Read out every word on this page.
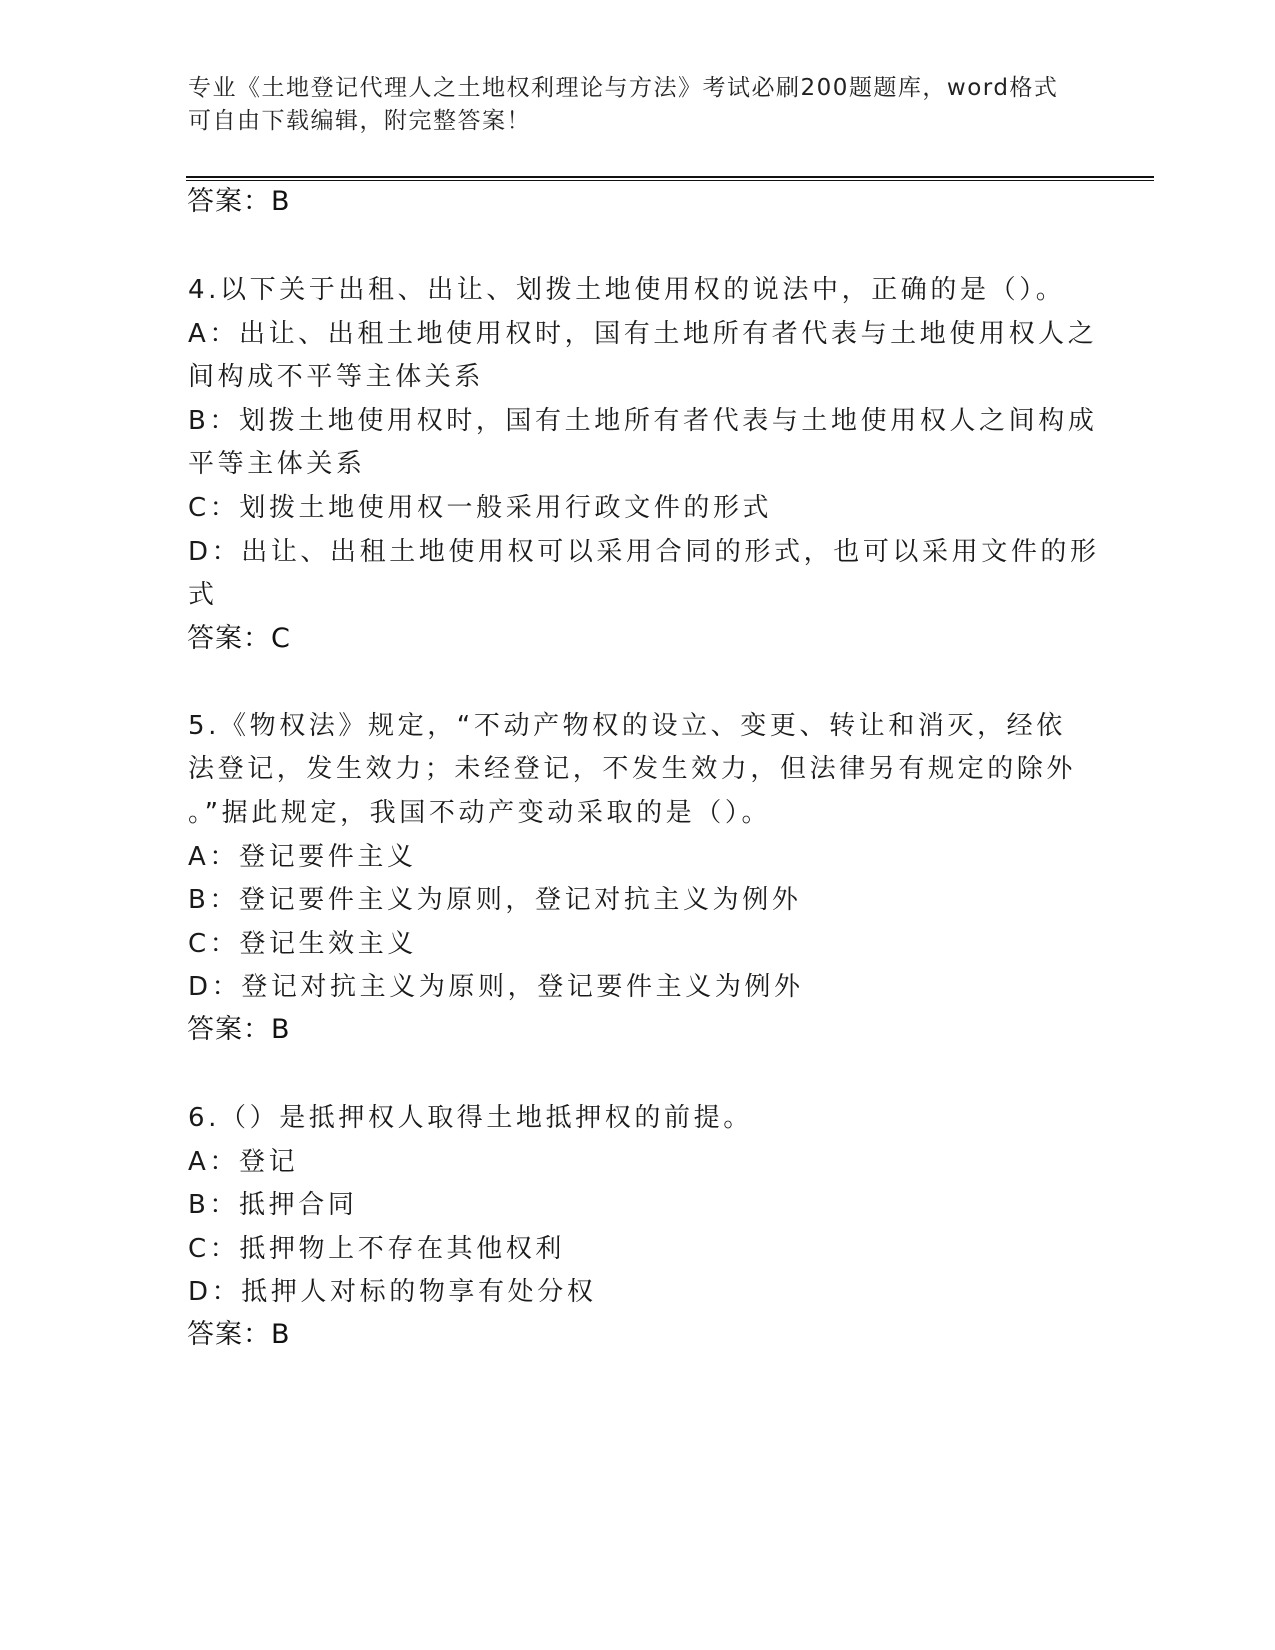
专业《土地登记代理人之土地权利理论与方法》考试必刷200题题库，word格式
可自由下载编辑，附完整答案！
答案：B
4.以下关于出租、出让、划拨土地使用权的说法中，正确的是（）。
A：出让、出租土地使用权时，国有土地所有者代表与土地使用权人之
间构成不平等主体关系
B：划拨土地使用权时，国有土地所有者代表与土地使用权人之间构成
平等主体关系
C：划拨土地使用权一般采用行政文件的形式
D：出让、出租土地使用权可以采用合同的形式，也可以采用文件的形
式
答案：C
5.《物权法》规定，“不动产物权的设立、变更、转让和消灭，经依
法登记，发生效力；未经登记，不发生效力，但法律另有规定的除外
。”据此规定，我国不动产变动采取的是（）。
A：登记要件主义
B：登记要件主义为原则，登记对抗主义为例外
C：登记生效主义
D：登记对抗主义为原则，登记要件主义为例外
答案：B
6.（）是抵押权人取得土地抵押权的前提。
A：登记
B：抵押合同
C：抵押物上不存在其他权利
D：抵押人对标的物享有处分权
答案：B
